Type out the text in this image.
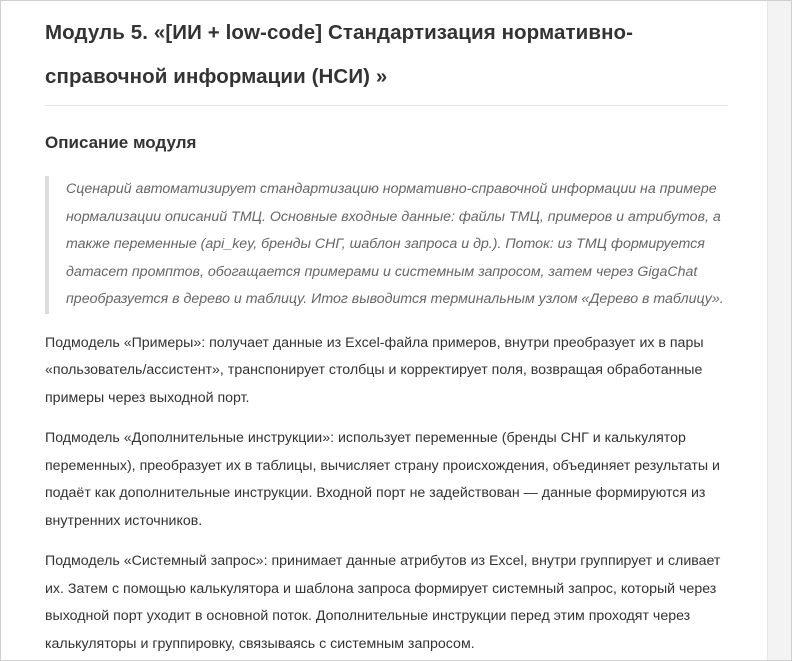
Модуль 5. «[ИИ + low-code] Стандартизация нормативно-справочной информации (НСИ) »
Описание модуля
Сценарий автоматизирует стандартизацию нормативно-справочной информации на примере нормализации описаний ТМЦ. Основные входные данные: файлы ТМЦ, примеров и атрибутов, а также переменные (api_key, бренды СНГ, шаблон запроса и др.). Поток: из ТМЦ формируется датасет промптов, обогащается примерами и системным запросом, затем через GigaChat преобразуется в дерево и таблицу. Итог выводится терминальным узлом «Дерево в таблицу».

Подмодель «Примеры»: получает данные из Excel-файла примеров, внутри преобразует их в пары «пользователь/ассистент», транспонирует столбцы и корректирует поля, возвращая обработанные примеры через выходной порт.

Подмодель «Дополнительные инструкции»: использует переменные (бренды СНГ и калькулятор переменных), преобразует их в таблицы, вычисляет страну происхождения, объединяет результаты и подаёт как дополнительные инструкции. Входной порт не задействован — данные формируются из внутренних источников.

Подмодель «Системный запрос»: принимает данные атрибутов из Excel, внутри группирует и сливает их. Затем с помощью калькулятора и шаблона запроса формирует системный запрос, который через выходной порт уходит в основной поток. Дополнительные инструкции перед этим проходят через калькуляторы и группировку, связываясь с системным запросом.
